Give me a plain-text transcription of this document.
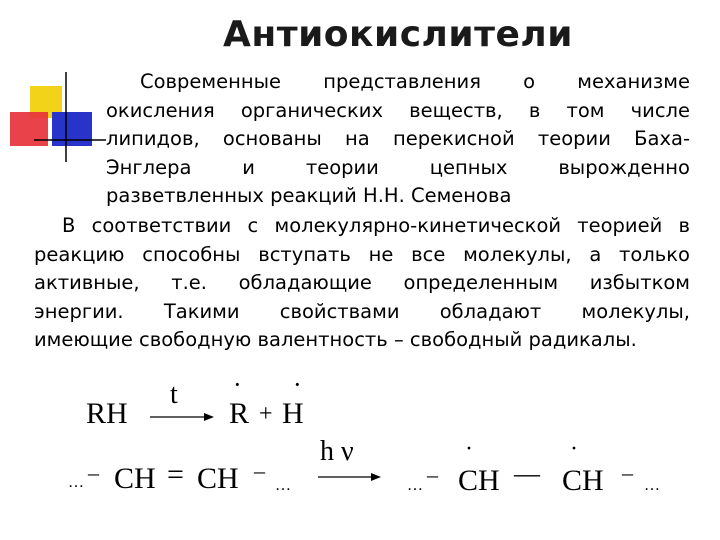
Антиокислители
Современные представления о механизме
окисления органических веществ, в том числе
липидов, основаны на перекисной теории Баха-
Энглера и теории цепных вырожденно
разветвленных реакций Н.Н. Семенова
В соответствии с молекулярно-кинетической теорией в
реакцию способны вступать не все молекулы, а только
активные, т.е. обладающие определенным избытком
энергии. Такими свойствами обладают молекулы,
имеющие свободную валентность – свободный радикалы.
RH
t ·
R +
·
H
… – CH = CH –
…
h ν
… –
·
CH —
·
CH –
…
